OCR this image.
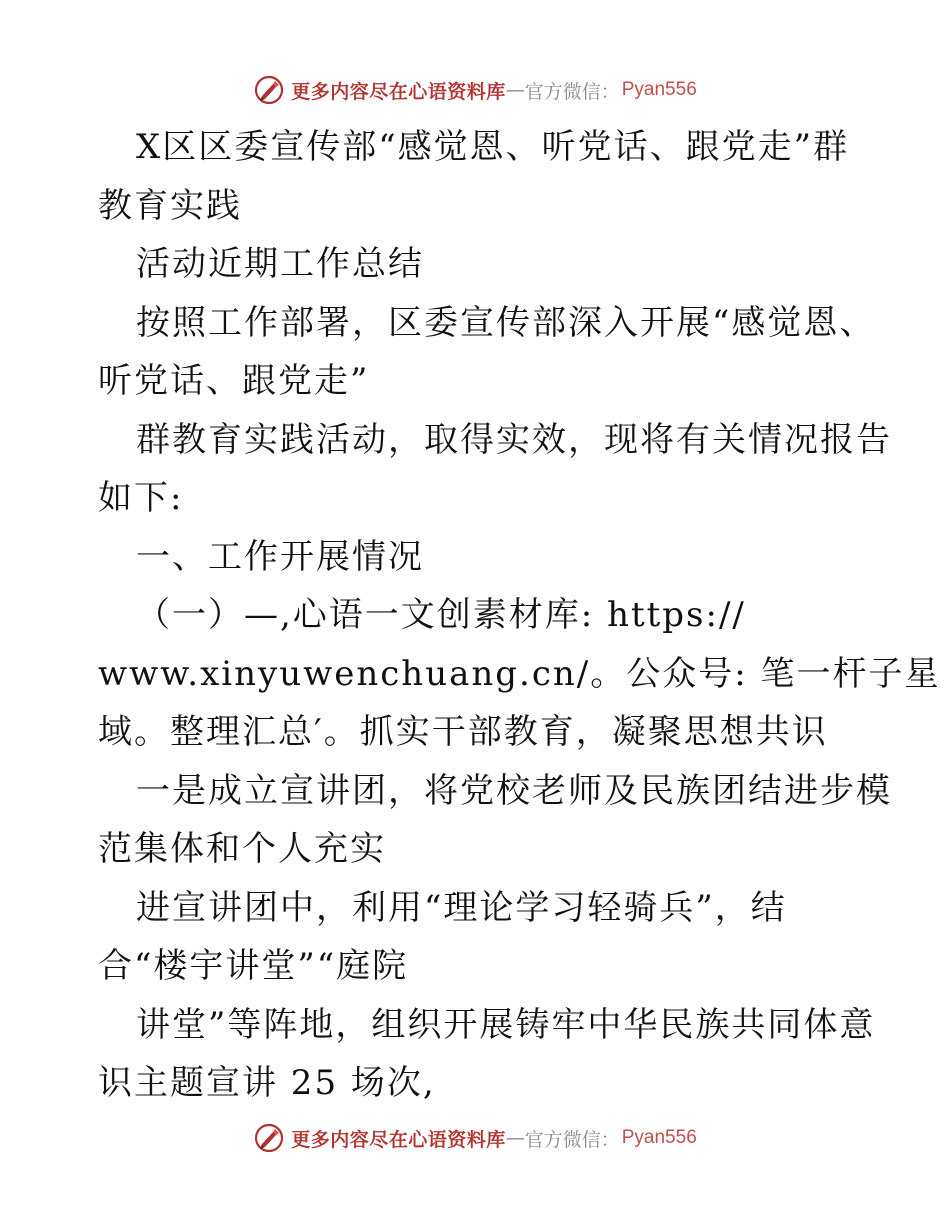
更多内容尽在心语资料库 — 官方微信： Pyan556
X区区委宣传部“感觉恩、听党话、跟党走”群
教育实践
活动近期工作总结
按照工作部署，区委宣传部深入开展“感觉恩、
听党话、跟党走”
群教育实践活动，取得实效，现将有关情况报告
如下:
一、工作开展情况
（一）—,心语一文创素材库: https://
www.xinyuwenchuang.cn/。公众号: 笔一杆子星
域。整理汇总′。抓实干部教育，凝聚思想共识
一是成立宣讲团，将党校老师及民族团结进步模
范集体和个人充实
进宣讲团中，利用“理论学习轻骑兵”，结
合“楼宇讲堂”“庭院
讲堂”等阵地，组织开展铸牢中华民族共同体意
识主题宣讲 25 场次,
更多内容尽在心语资料库 — 官方微信： Pyan556
